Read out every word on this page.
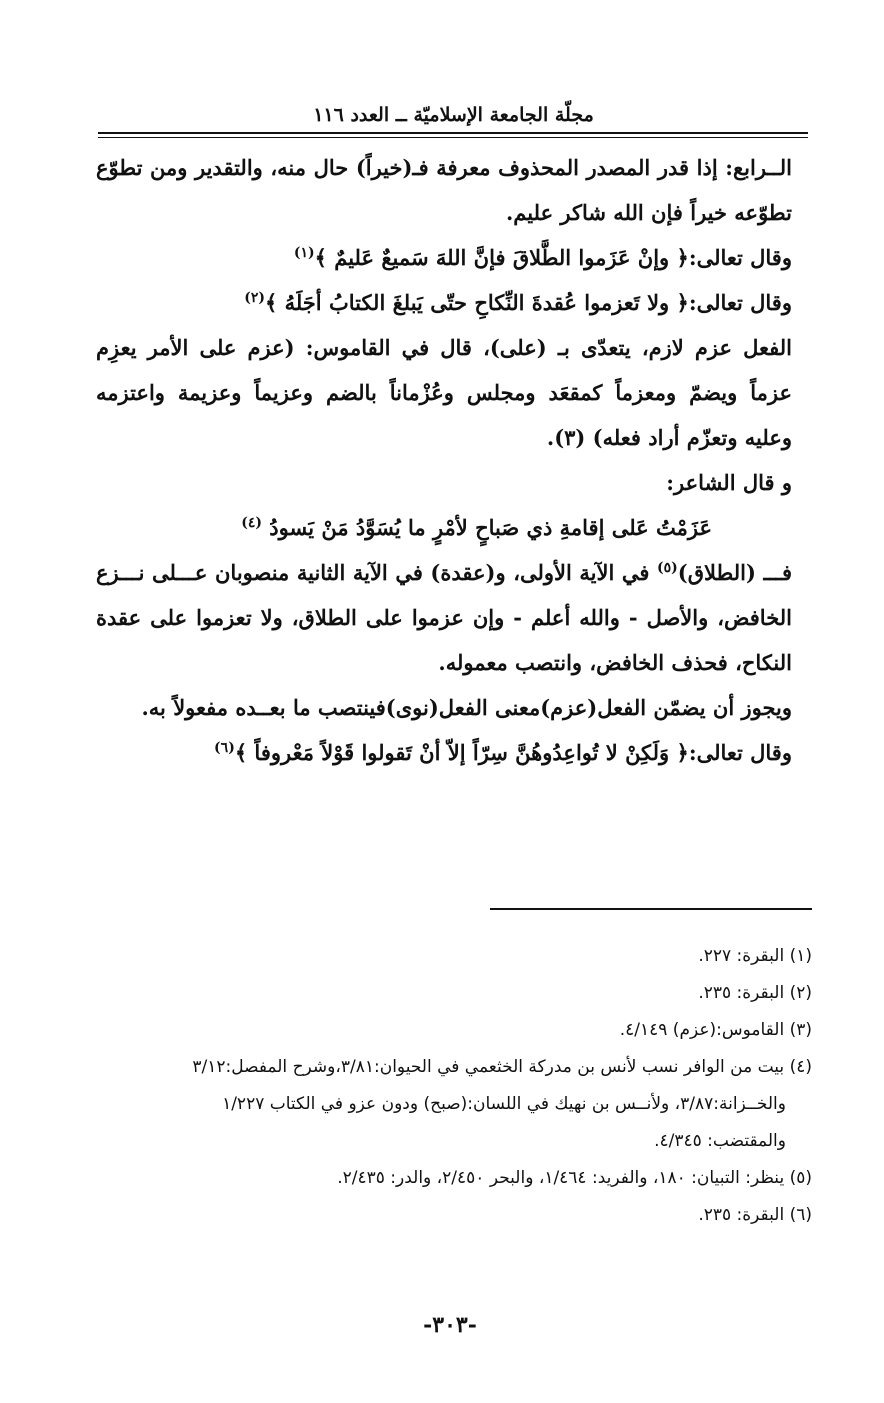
مجلّة الجامعة الإسلاميّة ــ العدد ١١٦

الــرابع: إذا قدر المصدر المحذوف معرفة فـ(خيراً) حال منه، والتقدير ومن تطوّع تطوّعه خيراً فإن الله شاكر عليم.

وقال تعالى:﴿ وإنْ عَزَموا الطَّلاقَ فإنَّ اللهَ سَميعٌ عَليمٌ ﴾$^{(١)}$

وقال تعالى:﴿ ولا تَعزموا عُقدةَ النِّكاحِ حتّى يَبلغَ الكتابُ أجَلَهُ ﴾$^{(٢)}$

الفعل عزم لازم، يتعدّى بـ (على)، قال في القاموس: (عزم على الأمر يعزِم عزماً ويضمّ ومعزماً كمقعَد ومجلس وعُزْماناً بالضم وعزيماً وعزيمة واعتزمه وعليه وتعزّم أراد فعله) (٣).

و قال الشاعر:

عَزَمْتُ عَلى إقامةِ ذي صَباحٍ لأمْرٍ ما يُسَوَّدُ مَنْ يَسودُ $^{(٤)}$

فـــ (الطلاق)$^{(٥)}$ في الآية الأولى، و(عقدة) في الآية الثانية منصوبان عـــلى نـــزع الخافض، والأصل - والله أعلم - وإن عزموا على الطلاق، ولا تعزموا على عقدة النكاح، فحذف الخافض، وانتصب معموله.

ويجوز أن يضمّن الفعل(عزم)معنى الفعل(نوى)فينتصب ما بعــده مفعولاً به.

وقال تعالى:﴿ وَلَكِنْ لا تُواعِدُوهُنَّ سِرّاً إلاّ أنْ تَقولوا قَوْلاً مَعْروفاً ﴾$^{(٦)}$

(١) البقرة: ٢٢٧.

(٢) البقرة: ٢٣٥.

(٣) القاموس:(عزم) ٤/١٤٩.

(٤) بيت من الوافر نسب لأنس بن مدركة الخثعمي في الحيوان:٣/٨١،وشرح المفصل:٣/١٢

والخــزانة:٣/٨٧، ولأنــس بن نهيك في اللسان:(صبح) ودون عزو في الكتاب ١/٢٢٧

والمقتضب: ٤/٣٤٥.

(٥) ينظر: التبيان: ١٨٠، والفريد: ١/٤٦٤، والبحر ٢/٤٥٠، والدر: ٢/٤٣٥.

(٦) البقرة: ٢٣٥.

-٣٠٣-
